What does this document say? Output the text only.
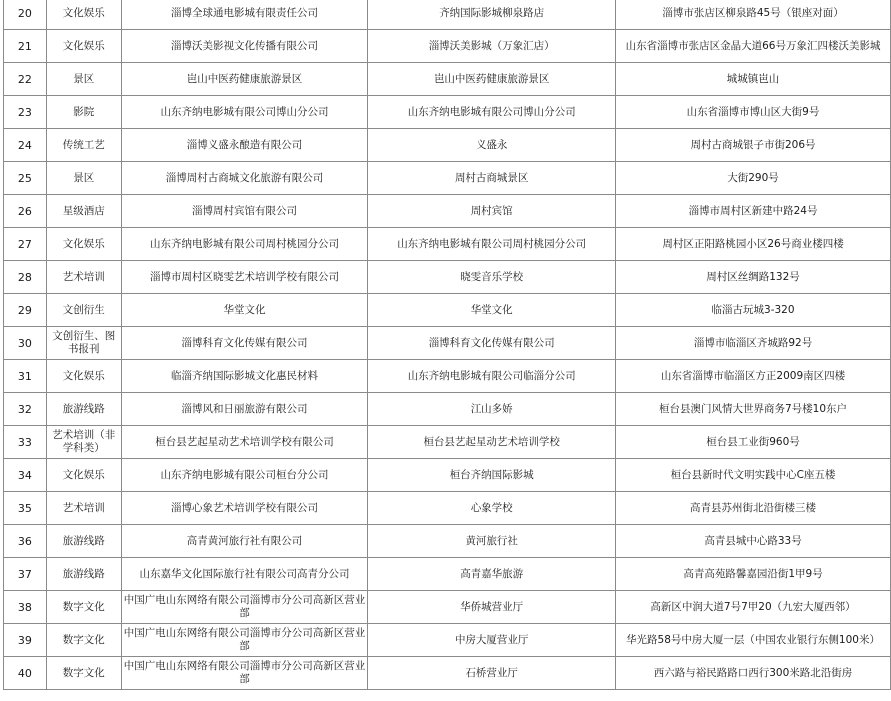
20	文化娱乐	淄博全球通电影城有限责任公司	齐纳国际影城柳泉路店	淄博市张店区柳泉路45号（银座对面）
21	文化娱乐	淄博沃美影视文化传播有限公司	淄博沃美影城（万象汇店）	山东省淄博市张店区金晶大道66号万象汇四楼沃美影城
22	景区	岜山中医药健康旅游景区	岜山中医药健康旅游景区	城城镇岜山
23	影院	山东齐纳电影城有限公司博山分公司	山东齐纳电影城有限公司博山分公司	山东省淄博市博山区大街9号
24	传统工艺	淄博义盛永酿造有限公司	义盛永	周村古商城银子市街206号
25	景区	淄博周村古商城文化旅游有限公司	周村古商城景区	大街290号
26	星级酒店	淄博周村宾馆有限公司	周村宾馆	淄博市周村区新建中路24号
27	文化娱乐	山东齐纳电影城有限公司周村桃园分公司	山东齐纳电影城有限公司周村桃园分公司	周村区正阳路桃园小区26号商业楼四楼
28	艺术培训	淄博市周村区晓雯艺术培训学校有限公司	晓雯音乐学校	周村区丝绸路132号
29	文创衍生	华堂文化	华堂文化	临淄古玩城3-320
30	文创衍生、图书报刊	淄博科育文化传媒有限公司	淄博科育文化传媒有限公司	淄博市临淄区齐城路92号
31	文化娱乐	临淄齐纳国际影城文化惠民材料	山东齐纳电影城有限公司临淄分公司	山东省淄博市临淄区方正2009南区四楼
32	旅游线路	淄博风和日丽旅游有限公司	江山多娇	桓台县澳门风情大世界商务7号楼10东户
33	艺术培训（非学科类）	桓台县艺起星动艺术培训学校有限公司	桓台县艺起星动艺术培训学校	桓台县工业街960号
34	文化娱乐	山东齐纳电影城有限公司桓台分公司	桓台齐纳国际影城	桓台县新时代文明实践中心C座五楼
35	艺术培训	淄博心象艺术培训学校有限公司	心象学校	高青县苏州街北沿街楼三楼
36	旅游线路	高青黄河旅行社有限公司	黄河旅行社	高青县城中心路33号
37	旅游线路	山东嘉华文化国际旅行社有限公司高青分公司	高青嘉华旅游	高青高苑路馨嘉园沿街1甲9号
38	数字文化	中国广电山东网络有限公司淄博市分公司高新区营业部	华侨城营业厅	高新区中润大道7号7甲20（九宏大厦西邻）
39	数字文化	中国广电山东网络有限公司淄博市分公司高新区营业部	中房大厦营业厅	华光路58号中房大厦一层（中国农业银行东侧100米）
40	数字文化	中国广电山东网络有限公司淄博市分公司高新区营业部	石桥营业厅	西六路与裕民路路口西行300米路北沿街房
